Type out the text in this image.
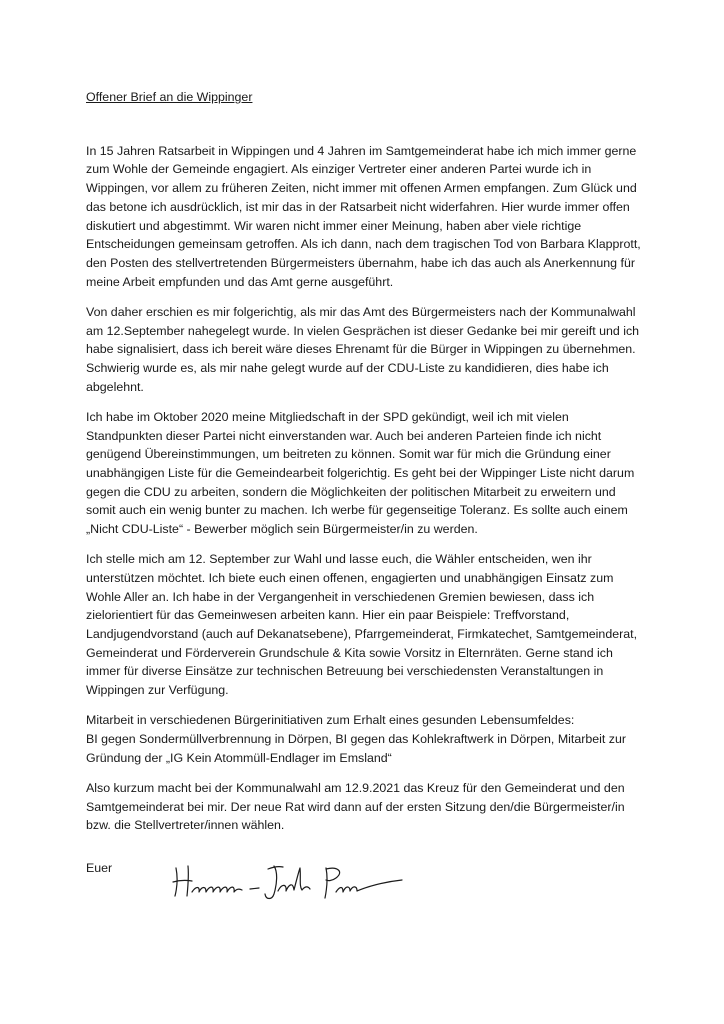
Offener Brief an die Wippinger

In 15 Jahren Ratsarbeit in Wippingen und 4 Jahren im Samtgemeinderat habe ich mich immer gerne
zum Wohle der Gemeinde engagiert. Als einziger Vertreter einer anderen Partei wurde ich in
Wippingen, vor allem zu früheren Zeiten, nicht immer mit offenen Armen empfangen. Zum Glück und
das betone ich ausdrücklich, ist mir das in der Ratsarbeit nicht widerfahren. Hier wurde immer offen
diskutiert und abgestimmt. Wir waren nicht immer einer Meinung, haben aber viele richtige
Entscheidungen gemeinsam getroffen. Als ich dann, nach dem tragischen Tod von Barbara Klapprott,
den Posten des stellvertretenden Bürgermeisters übernahm, habe ich das auch als Anerkennung für
meine Arbeit empfunden und das Amt gerne ausgeführt.

Von daher erschien es mir folgerichtig, als mir das Amt des Bürgermeisters nach der Kommunalwahl
am 12.September nahegelegt wurde. In vielen Gesprächen ist dieser Gedanke bei mir gereift und ich
habe signalisiert, dass ich bereit wäre dieses Ehrenamt für die Bürger in Wippingen zu übernehmen.
Schwierig wurde es, als mir nahe gelegt wurde auf der CDU-Liste zu kandidieren, dies habe ich
abgelehnt.

Ich habe im Oktober 2020 meine Mitgliedschaft in der SPD gekündigt, weil ich mit vielen
Standpunkten dieser Partei nicht einverstanden war. Auch bei anderen Parteien finde ich nicht
genügend Übereinstimmungen, um beitreten zu können. Somit war für mich die Gründung einer
unabhängigen Liste für die Gemeindearbeit folgerichtig. Es geht bei der Wippinger Liste nicht darum
gegen die CDU zu arbeiten, sondern die Möglichkeiten der politischen Mitarbeit zu erweitern und
somit auch ein wenig bunter zu machen. Ich werbe für gegenseitige Toleranz. Es sollte auch einem
„Nicht CDU-Liste“ - Bewerber möglich sein Bürgermeister/in zu werden.

Ich stelle mich am 12. September zur Wahl und lasse euch, die Wähler entscheiden, wen ihr
unterstützen möchtet. Ich biete euch einen offenen, engagierten und unabhängigen Einsatz zum
Wohle Aller an. Ich habe in der Vergangenheit in verschiedenen Gremien bewiesen, dass ich
zielorientiert für das Gemeinwesen arbeiten kann. Hier ein paar Beispiele: Treffvorstand,
Landjugendvorstand (auch auf Dekanatsebene), Pfarrgemeinderat, Firmkatechet, Samtgemeinderat,
Gemeinderat und Förderverein Grundschule & Kita sowie Vorsitz in Elternräten. Gerne stand ich
immer für diverse Einsätze zur technischen Betreuung bei verschiedensten Veranstaltungen in
Wippingen zur Verfügung.

Mitarbeit in verschiedenen Bürgerinitiativen zum Erhalt eines gesunden Lebensumfeldes:
BI gegen Sondermüllverbrennung in Dörpen, BI gegen das Kohlekraftwerk in Dörpen, Mitarbeit zur
Gründung der „IG Kein Atommüll-Endlager im Emsland“

Also kurzum macht bei der Kommunalwahl am 12.9.2021 das Kreuz für den Gemeinderat und den
Samtgemeinderat bei mir. Der neue Rat wird dann auf der ersten Sitzung den/die Bürgermeister/in
bzw. die Stellvertreter/innen wählen.

Euer
